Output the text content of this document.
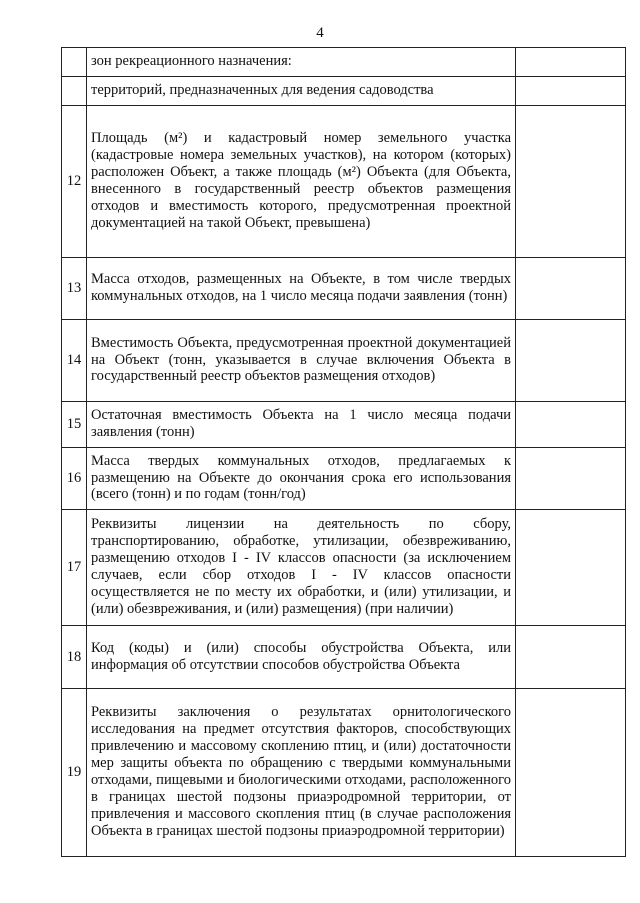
4
	зон рекреационного назначения:	
	территорий, предназначенных для ведения садоводства	
12	Площадь (м²) и кадастровый номер земельного участка (кадастровые номера земельных участков), на котором (которых) расположен Объект, а также площадь (м²) Объекта (для Объекта, внесенного в государственный реестр объектов размещения отходов и вместимость которого, предусмотренная проектной документацией на такой Объект, превышена)	
13	Масса отходов, размещенных на Объекте, в том числе твердых коммунальных отходов, на 1 число месяца подачи заявления (тонн)	
14	Вместимость Объекта, предусмотренная проектной документацией на Объект (тонн, указывается в случае включения Объекта в государственный реестр объектов размещения отходов)	
15	Остаточная вместимость Объекта на 1 число месяца подачи заявления (тонн)	
16	Масса твердых коммунальных отходов, предлагаемых к размещению на Объекте до окончания срока его использования (всего (тонн) и по годам (тонн/год)	
17	Реквизиты лицензии на деятельность по сбору, транспортированию, обработке, утилизации, обезвреживанию, размещению отходов I - IV классов опасности (за исключением случаев, если сбор отходов I - IV классов опасности осуществляется не по месту их обработки, и (или) утилизации, и (или) обезвреживания, и (или) размещения) (при наличии)	
18	Код (коды) и (или) способы обустройства Объекта, или информация об отсутствии способов обустройства Объекта	
19	Реквизиты заключения о результатах орнитологического исследования на предмет отсутствия факторов, способствующих привлечению и массовому скоплению птиц, и (или) достаточности мер защиты объекта по обращению с твердыми коммунальными отходами, пищевыми и биологическими отходами, расположенного в границах шестой подзоны приаэродромной территории, от привлечения и массового скопления птиц (в случае расположения Объекта в границах шестой подзоны приаэродромной территории)	
